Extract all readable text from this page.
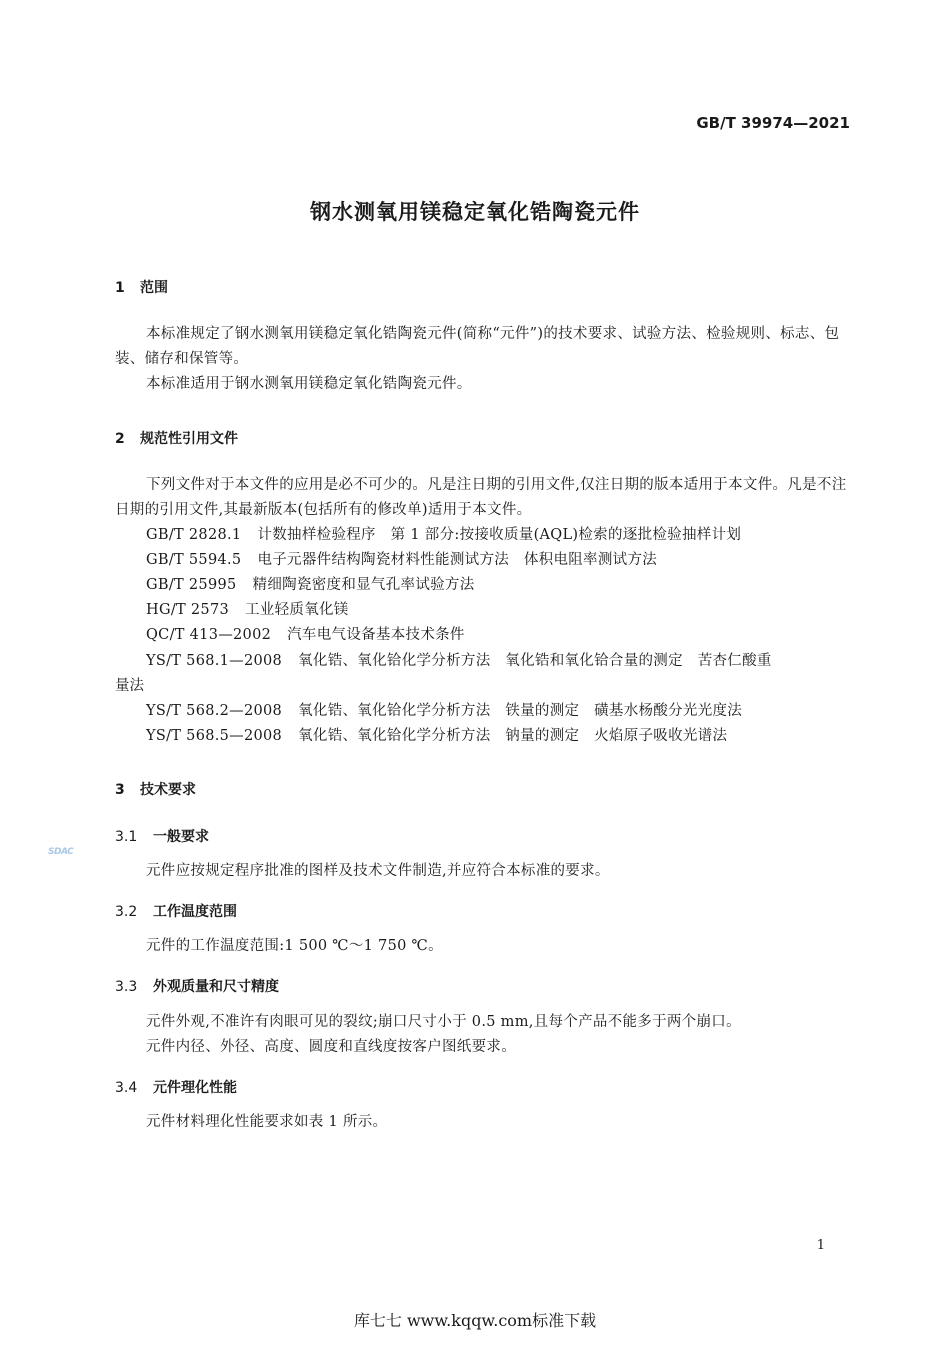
GB/T 39974—2021
钢水测氧用镁稳定氧化锆陶瓷元件
SDAC
1 范围
本标准规定了钢水测氧用镁稳定氧化锆陶瓷元件(简称“元件”)的技术要求、试验方法、检验规则、标志、包装、储存和保管等。
本标准适用于钢水测氧用镁稳定氧化锆陶瓷元件。
2 规范性引用文件
下列文件对于本文件的应用是必不可少的。凡是注日期的引用文件,仅注日期的版本适用于本文件。凡是不注日期的引用文件,其最新版本(包括所有的修改单)适用于本文件。
GB/T 2828.1 计数抽样检验程序　第 1 部分:按接收质量(AQL)检索的逐批检验抽样计划
GB/T 5594.5 电子元器件结构陶瓷材料性能测试方法　体积电阻率测试方法
GB/T 25995 精细陶瓷密度和显气孔率试验方法
HG/T 2573 工业轻质氧化镁
QC/T 413—2002 汽车电气设备基本技术条件
YS/T 568.1—2008 氧化锆、氧化铪化学分析方法　氧化锆和氧化铪合量的测定　苦杏仁酸重
量法
YS/T 568.2—2008 氧化锆、氧化铪化学分析方法　铁量的测定　磺基水杨酸分光光度法
YS/T 568.5—2008 氧化锆、氧化铪化学分析方法　钠量的测定　火焰原子吸收光谱法
3 技术要求
3.1 一般要求
元件应按规定程序批准的图样及技术文件制造,并应符合本标准的要求。
3.2 工作温度范围
元件的工作温度范围:1 500 ℃～1 750 ℃。
3.3 外观质量和尺寸精度
元件外观,不准许有肉眼可见的裂纹;崩口尺寸小于 0.5 mm,且每个产品不能多于两个崩口。
元件内径、外径、高度、圆度和直线度按客户图纸要求。
3.4 元件理化性能
元件材料理化性能要求如表 1 所示。
1
库七七 www.kqqw.com标准下载
